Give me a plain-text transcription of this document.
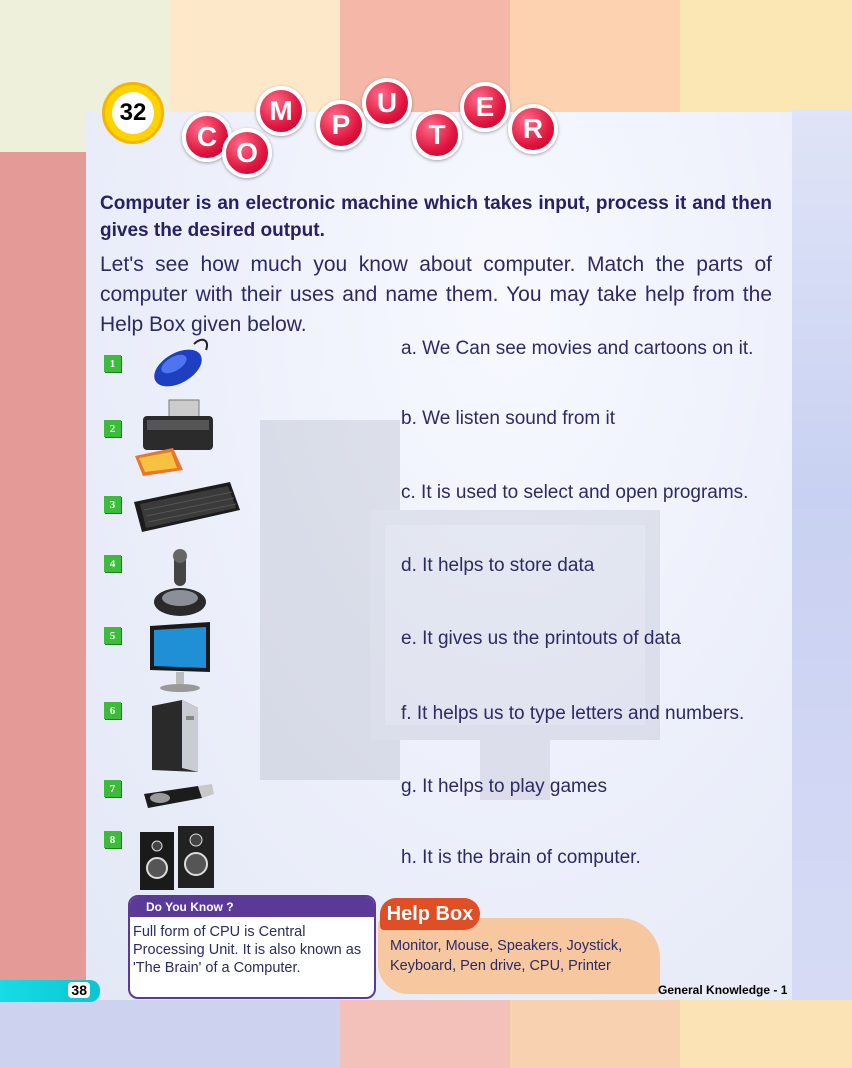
32
C
O
M	P
U
T
E
R

Computer is an electronic machine which takes input, process it and then gives the desired output.

Let's see how much you know about computer. Match the parts of computer with their uses and name them. You may take help from the Help Box given below.

1
2
3
4
5
6
7
8
a. We Can see movies and cartoons on it.
b. We listen sound from it
c. It is used to select and open programs.
d. It helps to store data
e. It gives us the printouts of data
f. It helps us to type letters and numbers.
g. It helps to play games
h. It is the brain of computer.
Do You Know ?
Full form of CPU is Central Processing Unit. It is also known as 'The Brain' of a Computer.
Help Box
Monitor, Mouse, Speakers, Joystick, Keyboard, Pen drive, CPU, Printer
38	General Knowledge - 1
